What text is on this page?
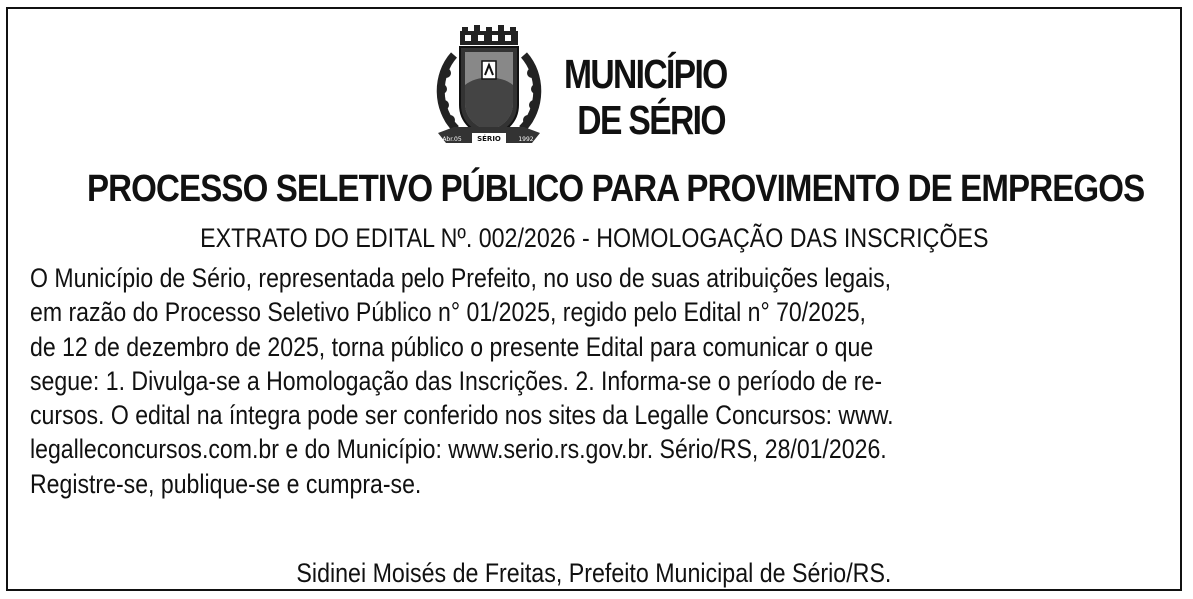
SÉRIO
Abr.05	1992
MUNICÍPIO
DE SÉRIO
PROCESSO SELETIVO PÚBLICO PARA PROVIMENTO DE EMPREGOS
EXTRATO DO EDITAL Nº. 002/2026 - HOMOLOGAÇÃO DAS INSCRIÇÕES
O Município de Sério, representada pelo Prefeito, no uso de suas atribuições legais,
em razão do Processo Seletivo Público n° 01/2025, regido pelo Edital n° 70/2025,
de 12 de dezembro de 2025, torna público o presente Edital para comunicar o que
segue: 1. Divulga-se a Homologação das Inscrições. 2. Informa-se o período de re-
cursos. O edital na íntegra pode ser conferido nos sites da Legalle Concursos: www.
legalleconcursos.com.br e do Município: www.serio.rs.gov.br. Sério/RS, 28/01/2026.
Registre-se, publique-se e cumpra-se.
Sidinei Moisés de Freitas, Prefeito Municipal de Sério/RS.
